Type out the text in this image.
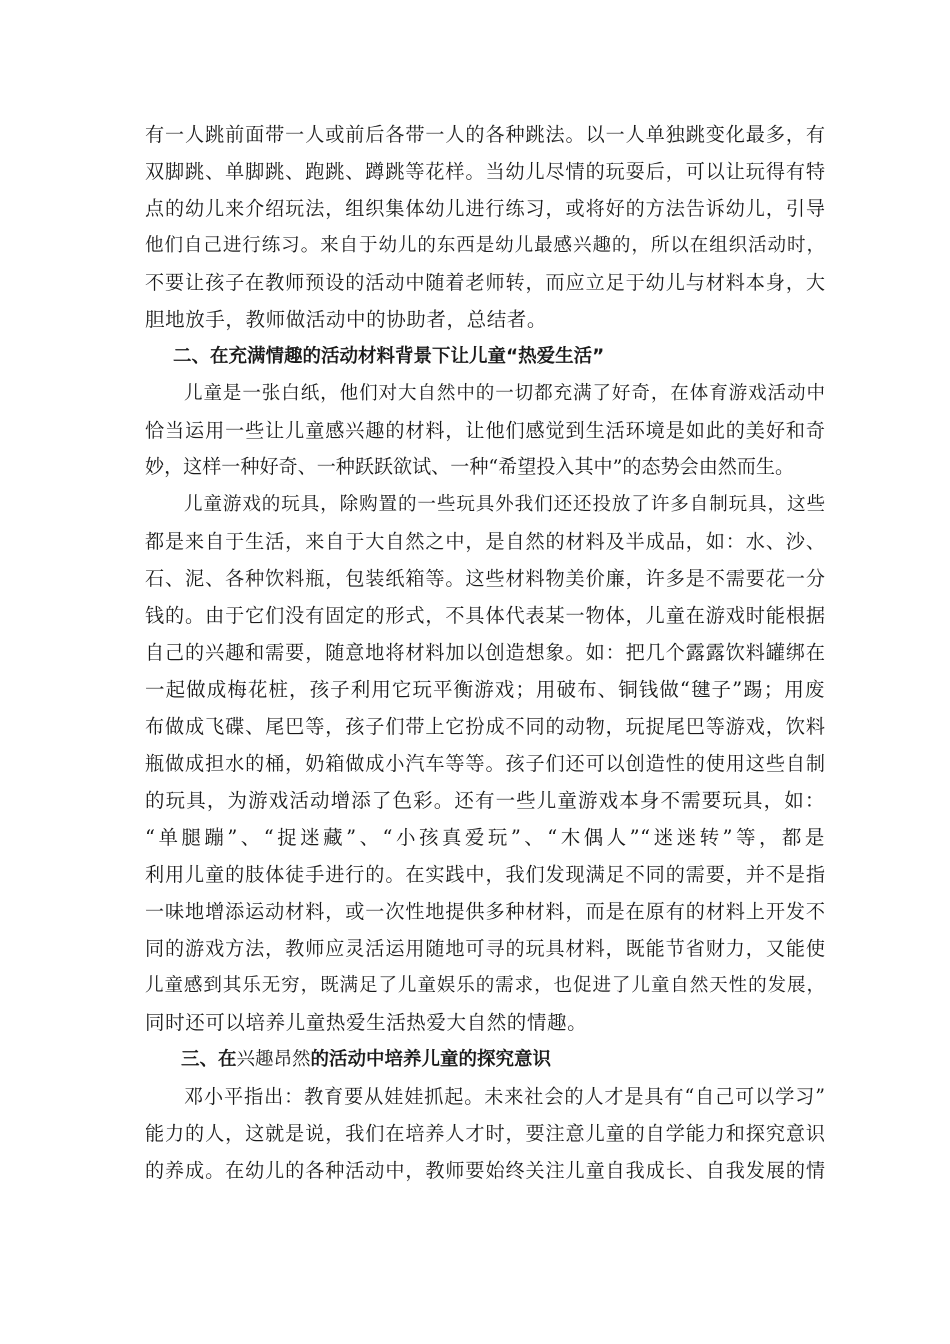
有一人跳前面带一人或前后各带一人的各种跳法。以一人单独跳变化最多，有
双脚跳、单脚跳、跑跳、蹲跳等花样。当幼儿尽情的玩耍后，可以让玩得有特
点的幼儿来介绍玩法，组织集体幼儿进行练习，或将好的方法告诉幼儿，引导
他们自己进行练习。来自于幼儿的东西是幼儿最感兴趣的，所以在组织活动时，
不要让孩子在教师预设的活动中随着老师转，而应立足于幼儿与材料本身，大
胆地放手，教师做活动中的协助者，总结者。

二、在充满情趣的活动材料背景下让儿童“热爱生活”

儿童是一张白纸，他们对大自然中的一切都充满了好奇，在体育游戏活动中
恰当运用一些让儿童感兴趣的材料，让他们感觉到生活环境是如此的美好和奇
妙，这样一种好奇、一种跃跃欲试、一种“希望投入其中”的态势会由然而生。

儿童游戏的玩具，除购置的一些玩具外我们还还投放了许多自制玩具，这些
都是来自于生活，来自于大自然之中，是自然的材料及半成品，如：水、沙、
石、泥、各种饮料瓶，包装纸箱等。这些材料物美价廉，许多是不需要花一分
钱的。由于它们没有固定的形式，不具体代表某一物体，儿童在游戏时能根据
自己的兴趣和需要，随意地将材料加以创造想象。如：把几个露露饮料罐绑在
一起做成梅花桩，孩子利用它玩平衡游戏；用破布、铜钱做“毽子”踢；用废
布做成飞碟、尾巴等，孩子们带上它扮成不同的动物，玩捉尾巴等游戏，饮料
瓶做成担水的桶，奶箱做成小汽车等等。孩子们还可以创造性的使用这些自制
的玩具，为游戏活动增添了色彩。还有一些儿童游戏本身不需要玩具，如：
“单腿蹦”、“捉迷藏”、“小孩真爱玩”、“木偶人”“迷迷转”等，都是
利用儿童的肢体徒手进行的。在实践中，我们发现满足不同的需要，并不是指
一味地增添运动材料，或一次性地提供多种材料，而是在原有的材料上开发不
同的游戏方法，教师应灵活运用随地可寻的玩具材料，既能节省财力，又能使
儿童感到其乐无穷，既满足了儿童娱乐的需求，也促进了儿童自然天性的发展，
同时还可以培养儿童热爱生活热爱大自然的情趣。

三、在兴趣昂然的活动中培养儿童的探究意识

邓小平指出：教育要从娃娃抓起。未来社会的人才是具有“自己可以学习”
能力的人，这就是说，我们在培养人才时，要注意儿童的自学能力和探究意识
的养成。在幼儿的各种活动中，教师要始终关注儿童自我成长、自我发展的情
